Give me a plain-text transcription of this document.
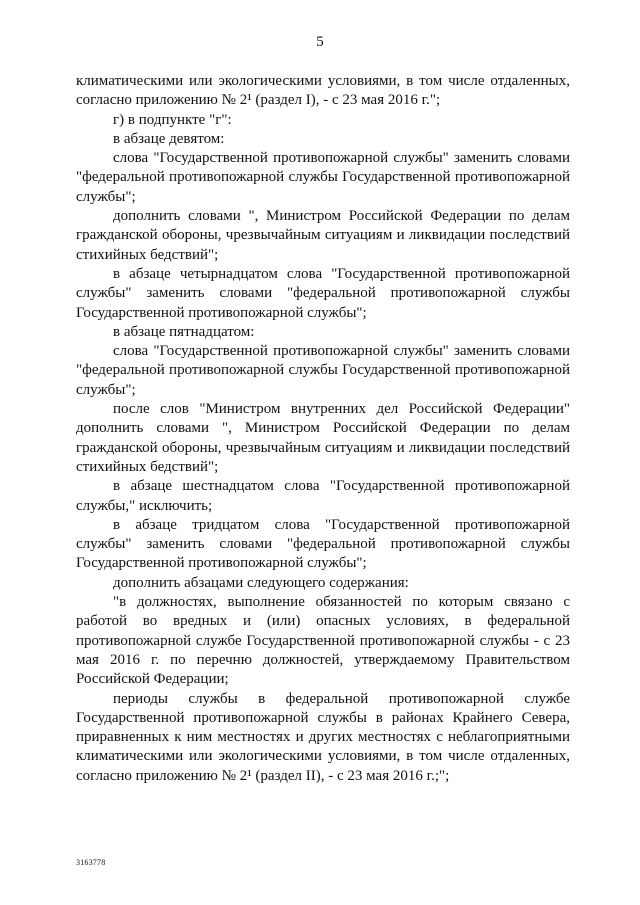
5

климатическими или экологическими условиями, в том числе отдаленных, согласно приложению № 2¹ (раздел I), - с 23 мая 2016 г.";

г) в подпункте "г":

в абзаце девятом:

слова "Государственной противопожарной службы" заменить словами "федеральной противопожарной службы Государственной противопожарной службы";

дополнить словами ", Министром Российской Федерации по делам гражданской обороны, чрезвычайным ситуациям и ликвидации последствий стихийных бедствий";

в абзаце четырнадцатом слова "Государственной противопожарной службы" заменить словами "федеральной противопожарной службы Государственной противопожарной службы";

в абзаце пятнадцатом:

слова "Государственной противопожарной службы" заменить словами "федеральной противопожарной службы Государственной противопожарной службы";

после слов "Министром внутренних дел Российской Федерации" дополнить словами ", Министром Российской Федерации по делам гражданской обороны, чрезвычайным ситуациям и ликвидации последствий стихийных бедствий";

в абзаце шестнадцатом слова "Государственной противопожарной службы," исключить;

в абзаце тридцатом слова "Государственной противопожарной службы" заменить словами "федеральной противопожарной службы Государственной противопожарной службы";

дополнить абзацами следующего содержания:

"в должностях, выполнение обязанностей по которым связано с работой во вредных и (или) опасных условиях, в федеральной противопожарной службе Государственной противопожарной службы - с 23 мая 2016 г. по перечню должностей, утверждаемому Правительством Российской Федерации;

периоды службы в федеральной противопожарной службе Государственной противопожарной службы в районах Крайнего Севера, приравненных к ним местностях и других местностях с неблагоприятными климатическими или экологическими условиями, в том числе отдаленных, согласно приложению № 2¹ (раздел II), - с 23 мая 2016 г.;";

3163778
